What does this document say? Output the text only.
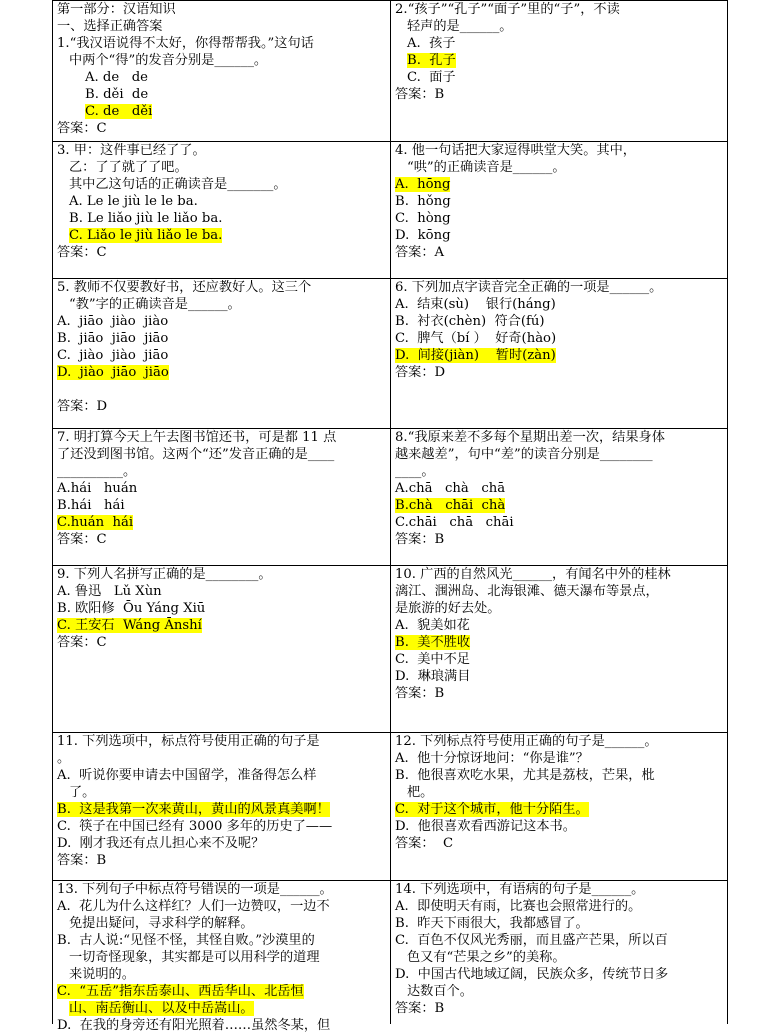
第一部分：汉语知识
一、选择正确答案
1.“我汉语说得不太好，你得帮帮我。”这句话
中两个“得”的发音分别是______。
A. de   de
B. děi  de
C. de   děi
答案：C
2.“孩子”“孔子”“面子”里的“子”，不读
轻声的是______。
A.  孩子
B.  孔子
C.  面子
答案：B
3. 甲：这件事已经了了。
乙：了了就了了吧。
其中乙这句话的正确读音是_______。
A. Le le jiù le le ba.
B. Le liǎo jiù le liǎo ba.
C. Liǎo le jiù liǎo le ba.
答案：C
4. 他一句话把大家逗得哄堂大笑。其中，
“哄”的正确读音是______。
A.  hōng
B.  hǒng
C.  hòng
D.  kōng
答案：A
5. 教师不仅要教好书，还应教好人。这三个
“教”字的正确读音是______。
A.  jiāo  jiào  jiào
B.  jiāo  jiāo  jiāo
C.  jiào  jiào  jiāo
D.  jiào  jiāo  jiāo

答案：D
6. 下列加点字读音完全正确的一项是______。
A.  结束(sù)    银行(háng)
B.  衬衣(chèn)  符合(fú)
C.  脾气（bí ）  好奇(hào)
D.  间接(jiàn)    暂时(zàn)
答案：D
7. 明打算今天上午去图书馆还书，可是都 11 点
了还没到图书馆。这两个“还”发音正确的是____
__________。
A.hái   huán
B.hái   hái
C.huán  hái
答案：C
8.“我原来差不多每个星期出差一次，结果身体
越来越差”，句中“差”的读音分别是________
____。
A.chā   chà   chā
B.chà   chāi  chà
C.chāi   chā   chāi
答案：B
9. 下列人名拼写正确的是________。
A. 鲁迅   Lǔ Xùn
B. 欧阳修  Ōu Yáng Xiū
C. 王安石  Wáng Ānshí
答案：C
10. 广西的自然风光______，有闻名中外的桂林
漓江、涠洲岛、北海银滩、德天瀑布等景点，
是旅游的好去处。
A.  貌美如花
B.  美不胜收
C.  美中不足
D.  琳琅满目
答案：B
11. 下列选项中，标点符号使用正确的句子是
。
A.  听说你要申请去中国留学，准备得怎么样
了。
B.  这是我第一次来黄山，黄山的风景真美啊！
C.  筷子在中国已经有 3000 多年的历史了——
D.  刚才我还有点儿担心来不及呢？
答案：B
12. 下列标点符号使用正确的句子是______。
A.  他十分惊讶地问：“你是谁”？
B.  他很喜欢吃水果，尤其是荔枝，芒果，枇
杷。
C.  对于这个城市，他十分陌生。
D.  他很喜欢看西游记这本书。
答案：  C
13. 下列句子中标点符号错误的一项是______。
A.  花儿为什么这样红？人们一边赞叹，一边不
免提出疑问，寻求科学的解释。
B.  古人说:“见怪不怪，其怪自败。”沙漠里的
一切奇怪现象，其实都是可以用科学的道理
来说明的。
C.  “五岳”指东岳泰山、西岳华山、北岳恒
山、南岳衡山、以及中岳嵩山。
D.  在我的身旁还有阳光照着……虽然冬某，但
14. 下列选项中，有语病的句子是______。
A.  即使明天有雨，比赛也会照常进行的。
B.  昨天下雨很大，我都感冒了。
C.  百色不仅风光秀丽，而且盛产芒果，所以百
色又有“芒果之乡”的美称。
D.  中国古代地域辽阔，民族众多，传统节日多
达数百个。
答案：B
